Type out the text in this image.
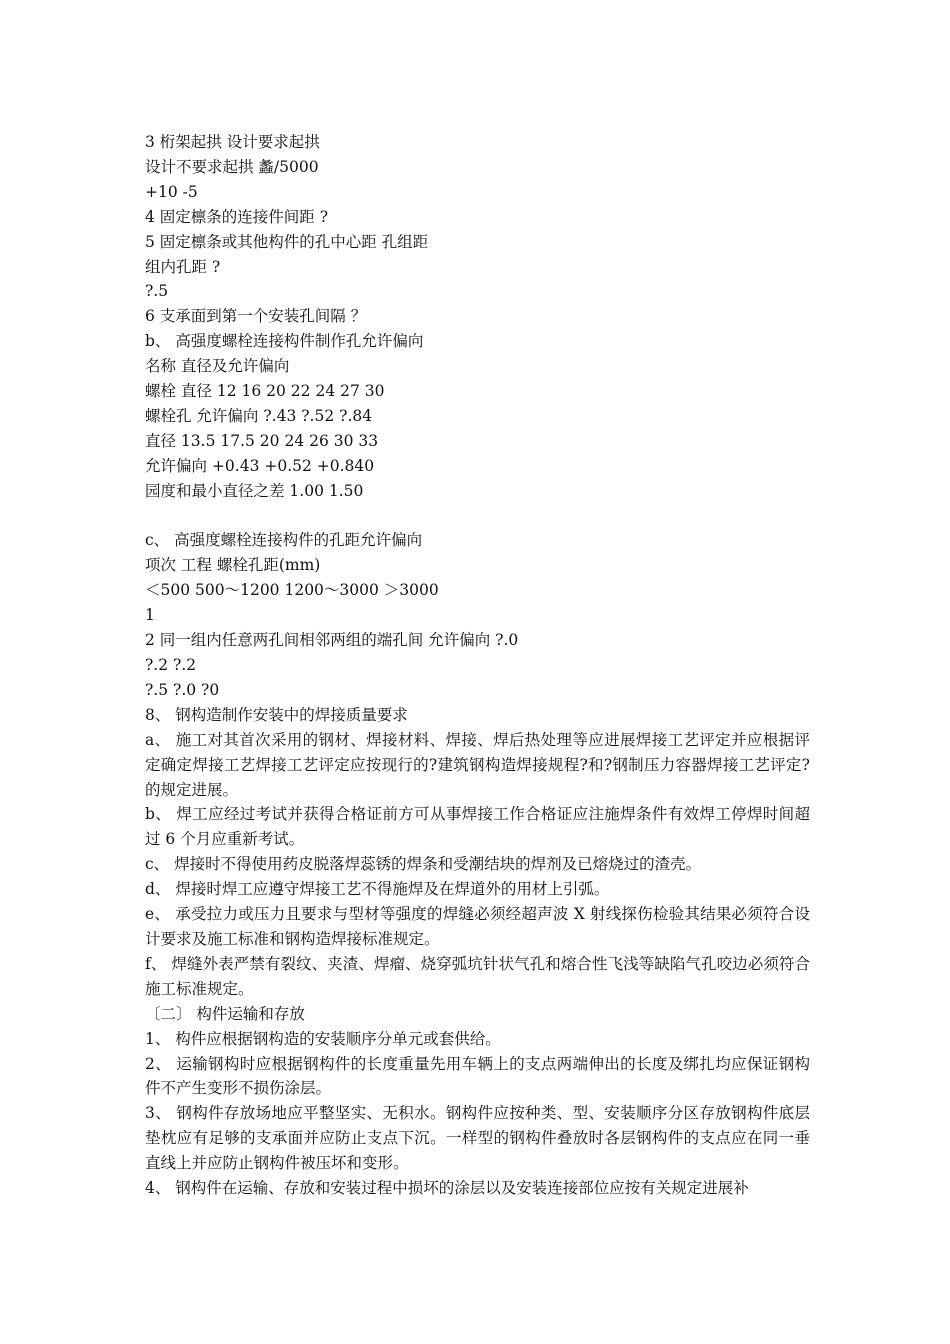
3 桁架起拱 设计要求起拱

设计不要求起拱 蠡/5000

+10 -5

4 固定檩条的连接件间距 ?

5 固定檩条或其他构件的孔中心距 孔组距

组内孔距 ?

?.5

6 支承面到第一个安装孔间隔 ？

b、 高强度螺栓连接构件制作孔允许偏向

名称 直径及允许偏向

螺栓 直径 12 16 20 22 24 27 30

螺栓孔 允许偏向 ?.43 ?.52 ?.84

直径 13.5 17.5 20 24 26 30 33

允许偏向 +0.43 +0.52 +0.840

园度和最小直径之差 1.00 1.50

c、 高强度螺栓连接构件的孔距允许偏向

项次 工程 螺栓孔距(mm)

＜500 500～1200 1200～3000 ＞3000

1

2 同一组内任意两孔间相邻两组的端孔间 允许偏向 ?.0

?.2 ?.2

?.5 ?.0 ?0

8、 钢构造制作安装中的焊接质量要求

a、 施工对其首次采用的钢材、焊接材料、焊接、焊后热处理等应进展焊接工艺评定并应根据评定确定焊接工艺焊接工艺评定应按现行的?建筑钢构造焊接规程?和?钢制压力容器焊接工艺评定?的规定进展。

b、 焊工应经过考试并获得合格证前方可从事焊接工作合格证应注施焊条件有效焊工停焊时间超过 6 个月应重新考试。

c、 焊接时不得使用药皮脱落焊蕊锈的焊条和受潮结块的焊剂及已熔烧过的渣壳。

d、 焊接时焊工应遵守焊接工艺不得施焊及在焊道外的用材上引弧。

e、 承受拉力或压力且要求与型材等强度的焊缝必须经超声波 X 射线探伤检验其结果必须符合设计要求及施工标准和钢构造焊接标准规定。

f、 焊缝外表严禁有裂纹、夹渣、焊瘤、烧穿弧坑针状气孔和熔合性飞浅等缺陷气孔咬边必须符合施工标准规定。

〔二〕 构件运输和存放

1、 构件应根据钢构造的安装顺序分单元或套供给。

2、 运输钢构时应根据钢构件的长度重量先用车辆上的支点两端伸出的长度及绑扎均应保证钢构件不产生变形不损伤涂层。

3、 钢构件存放场地应平整坚实、无积水。钢构件应按种类、型、安装顺序分区存放钢构件底层垫枕应有足够的支承面并应防止支点下沉。一样型的钢构件叠放时各层钢构件的支点应在同一垂直线上并应防止钢构件被压坏和变形。

4、 钢构件在运输、存放和安装过程中损坏的涂层以及安装连接部位应按有关规定进展补
